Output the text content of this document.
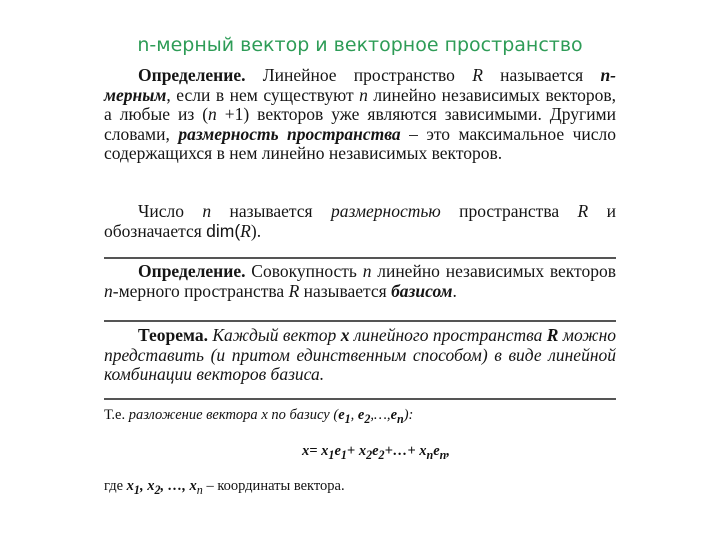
n-мерный вектор и векторное пространство

Определение. Линейное пространство R называется n-мерным, если в нем существуют n линейно независимых векторов, а любые из (n +1) векторов уже являются зависимыми. Другими словами, размерность пространства – это максимальное число содержащихся в нем линейно независимых векторов.

Число n называется размерностью пространства R и обозначается dim(R).

Определение. Совокупность n линейно независимых векторов n-мерного пространства R называется базисом.

Теорема. Каждый вектор x линейного пространства R можно представить (и притом единственным способом) в виде линейной комбинации векторов базиса.

Т.е. разложение вектора x по базису ($e_1$, $e_2,\dots,e_n$):
$x= x_1e_1+$ $x_2e_2+\dots+ x_ne_n$,
где $x_1$, $x_2$, …, $x_n$ – координаты вектора.
